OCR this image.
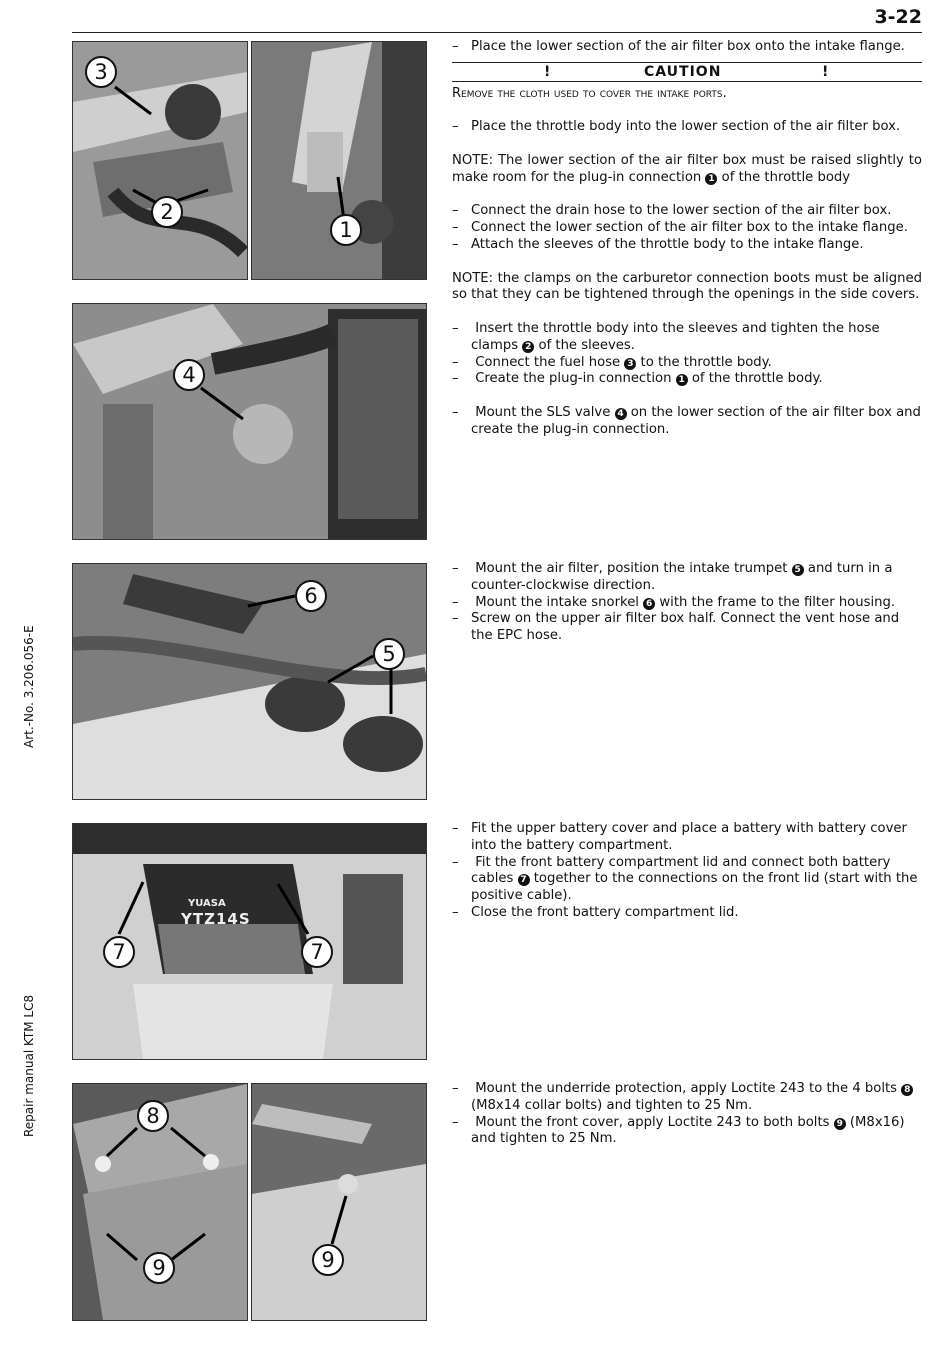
3-22
Art.-No. 3.206.056-E
Repair manual KTM LC8
3
2
1
4
6
5
YUASA
YTZ14S
7	7
8
9	9

– Place the lower section of the air filter box onto the intake flange.

!	CAUTION	!
Remove the cloth used to cover the intake ports.

– Place the throttle body into the lower section of the air filter box.

NOTE: The lower section of the air filter box must be raised slightly to make room for the plug-in connection 1 of the throttle body

– Connect the drain hose to the lower section of the air filter box.

– Connect the lower section of the air filter box to the intake flange.

– Attach the sleeves of the throttle body to the intake flange.

NOTE: the clamps on the carburetor connection boots must be aligned so that they can be tightened through the openings in the side covers.

– Insert the throttle body into the sleeves and tighten the hose clamps 2 of the sleeves.

– Connect the fuel hose 3 to the throttle body.

– Create the plug-in connection 1 of the throttle body.

– Mount the SLS valve 4 on the lower section of the air filter box and create the plug-in connection.

– Mount the air filter, position the intake trumpet 5 and turn in a counter-clockwise direction.

– Mount the intake snorkel 6 with the frame to the filter housing.

– Screw on the upper air filter box half. Connect the vent hose and the EPC hose.

– Fit the upper battery cover and place a battery with battery cover into the battery compartment.

– Fit the front battery compartment lid and connect both battery cables 7 together to the connections on the front lid (start with the positive cable).

– Close the front battery compartment lid.

– Mount the underride protection, apply Loctite 243 to the 4 bolts 8 (M8x14 collar bolts) and tighten to 25 Nm.

– Mount the front cover, apply Loctite 243 to both bolts 9 (M8x16) and tighten to 25 Nm.
